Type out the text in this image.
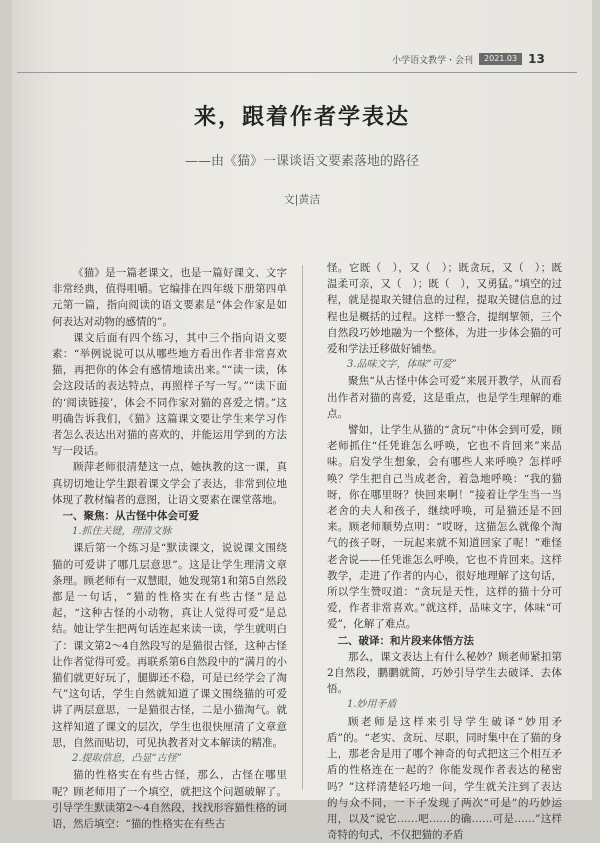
小学语文教学・会刊	2021.03 13
来，跟着作者学表达
——由《猫》一课谈语文要素落地的路径
文|黄洁

《猫》是一篇老课文，也是一篇好课文、文字非常经典，值得咀嚼。它编排在四年级下册第四单元第一篇，指向阅读的语文要素是“体会作家是如何表达对动物的感情的”。

课文后面有四个练习，其中三个指向语文要素：“举例说说可以从哪些地方看出作者非常喜欢猫，再把你的体会有感情地读出来。”“读一读，体会这段话的表达特点，再照样子写一写。”“读下面的‘阅读链接’，体会不同作家对猫的喜爱之情。”这明确告诉我们，《猫》这篇课文要让学生来学习作者怎么表达出对猫的喜欢的，并能运用学到的方法写一段话。

顾萍老师很清楚这一点，她执教的这一课，真真切切地让学生跟着课文学会了表达，非常到位地体现了教材编者的意图，让语文要素在课堂落地。

一、聚焦：从古怪中体会可爱

1.抓住关键，理清文脉

课后第一个练习是“默读课文，说说课文围绕猫的可爱讲了哪几层意思”。这是让学生理清文章条理。顾老师有一双慧眼，她发现第1和第5自然段都是一句话，“猫的性格实在有些古怪”是总起，“这种古怪的小动物，真让人觉得可爱”是总结。她让学生把两句话连起来读一读，学生就明白了：课文第2～4自然段写的是猫很古怪，这种古怪让作者觉得可爱。再联系第6自然段中的“满月的小猫们就更好玩了，腿脚还不稳，可是已经学会了淘气”这句话，学生自然就知道了课文围绕猫的可爱讲了两层意思，一是猫很古怪，二是小猫淘气。就这样知道了课文的层次，学生也很快厘清了文章意思，自然而贴切，可见执教者对文本解读的精准。

2.提取信息，凸显“古怪”

猫的性格实在有些古怪，那么，古怪在哪里呢？顾老师用了一个填空，就把这个问题破解了。引导学生默读第2～4自然段，找找形容猫性格的词语，然后填空：“猫的性格实在有些古

怪。它既（　），又（　）；既贪玩，又（　）；既温柔可亲，又（　）；既（　），又勇猛。”填空的过程，就是提取关键信息的过程，提取关键信息的过程也是概括的过程。这样一整合，提纲挈领，三个自然段巧妙地融为一个整体，为进一步体会猫的可爱和学法迁移做好铺垫。

3.品味文字，体味“可爱”

聚焦“从古怪中体会可爱”来展开教学，从而看出作者对猫的喜爱，这是重点，也是学生理解的难点。

譬如，让学生从猫的“贪玩”中体会到可爱，顾老师抓住“任凭谁怎么呼唤，它也不肯回来”来品味。启发学生想象，会有哪些人来呼唤？怎样呼唤？学生把自己当成老舍，着急地呼唤：“我的猫呀，你在哪里呀？快回来啊！”接着让学生当一当老舍的夫人和孩子，继续呼唤，可是猫还是不回来。顾老师顺势点明：“哎呀，这猫怎么就像个淘气的孩子呀，一玩起来就不知道回家了呢！”难怪老舍说——任凭谁怎么呼唤，它也不肯回来。这样教学，走进了作者的内心，很好地理解了这句话，所以学生赞叹道：“贪玩是天性，这样的猫十分可爱，作者非常喜欢。”就这样，品味文字，体味“可爱”，化解了难点。

二、破译：和片段来体悟方法

那么，课文表达上有什么秘妙？顾老师紧扣第2自然段，鹏鹏就简，巧妙引导学生去破译、去体悟。

1.妙用矛盾

顾老师是这样来引导学生破译“妙用矛盾”的。“老实、贪玩、尽职，同时集中在了猫的身上，那老舍是用了哪个神奇的句式把这三个相互矛盾的性格连在一起的？你能发现作者表达的秘密吗？”这样清楚轻巧地一问，学生就关注到了表达的与众不同，一下子发现了两次“可是”的巧妙运用，以及“说它……吧……的确……可是……”这样奇特的句式，不仅把猫的矛盾
